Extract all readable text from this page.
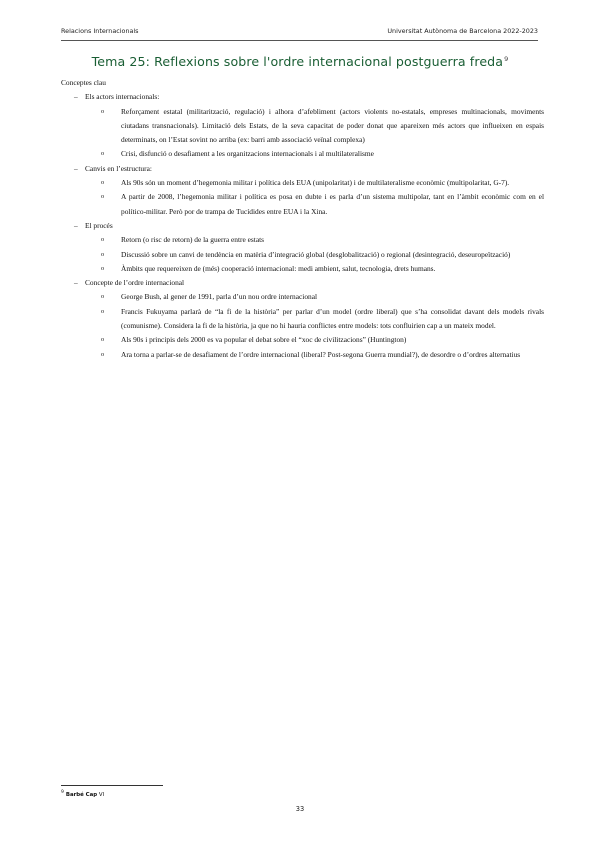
Relacions Internacionals	Universitat Autònoma de Barcelona 2022-2023
Tema 25: Reflexions sobre l'ordre internacional postguerra freda$^9$

Conceptes clau

– Els actors internacionals:
o Reforçament estatal (militarització, regulació) i alhora d’afebliment (actors violents no-estatals, empreses multinacionals, moviments ciutadans transnacionals). Limitació dels Estats, de la seva capacitat de poder donat que apareixen més actors que influeixen en espais determinats, on l’Estat sovint no arriba (ex: barri amb associació veïnal complexa)
o Crisi, disfunció o desafiament a les organitzacions internacionals i al multilateralisme
– Canvis en l’estructura:
o Als 90s són un moment d’hegemonia militar i política dels EUA (unipolaritat) i de multilateralisme econòmic (multipolaritat, G-7).
o A partir de 2008, l’hegemonia militar i política es posa en dubte i es parla d’un sistema multipolar, tant en l’àmbit econòmic com en el político-militar. Però por de trampa de Tucídides entre EUA i la Xina.
– El procés
o Retorn (o risc de retorn) de la guerra entre estats
o Discussió sobre un canvi de tendència en matèria d’integració global (desglobalització) o regional (desintegració, deseuropeïtzació)
o Àmbits que requereixen de (més) cooperació internacional: medi ambient, salut, tecnologia, drets humans.
– Concepte de l’ordre internacional
o George Bush, al gener de 1991, parla d’un nou ordre internacional
o Francis Fukuyama parlarà de “la fi de la història” per parlar d’un model (ordre liberal) que s’ha consolidat davant dels models rivals (comunisme). Considera la fi de la història, ja que no hi hauria conflictes entre models: tots confluirien cap a un mateix model.
o Als 90s i principis dels 2000 es va popular el debat sobre el “xoc de civilitzacions” (Huntington)
o Ara torna a parlar-se de desafiament de l’ordre internacional (liberal? Post-segona Guerra mundial?), de desordre o d’ordres alternatius
$^9$ Barbé Cap VI
33
